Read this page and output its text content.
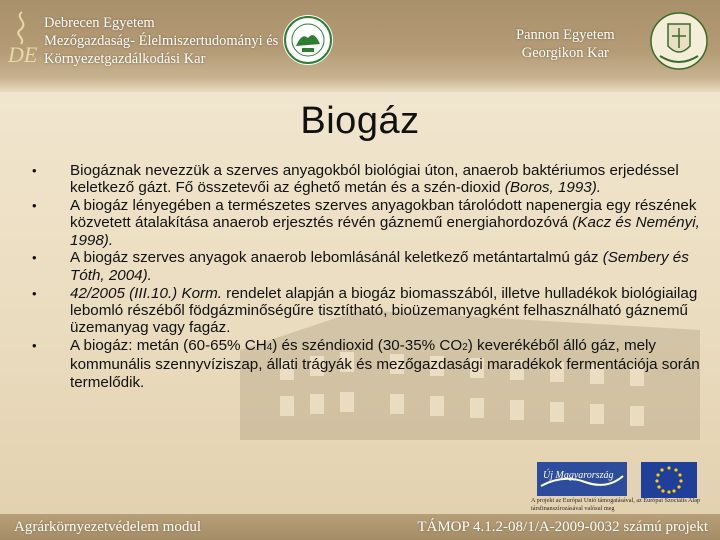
DE
Debrecen Egyetem
Mezőgazdaság- Élelmiszertudományi és
Környezetgazdálkodási Kar
Pannon Egyetem
Georgikon Kar
Biogáz
• Biogáznak nevezzük a szerves anyagokból biológiai úton, anaerob baktériumos erjedéssel keletkező gázt. Fő összetevői az éghető metán és a szén-dioxid (Boros, 1993).
• A biogáz lényegében a természetes szerves anyagokban tárolódott napenergia egy részének közvetett átalakítása anaerob erjesztés révén gáznemű energiahordozóvá (Kacz és Neményi, 1998).
• A biogáz szerves anyagok anaerob lebomlásánál keletkező metántartalmú gáz (Sembery és Tóth, 2004).
• 42/2005 (III.10.) Korm. rendelet alapján a biogáz biomasszából, illetve hulladékok biológiailag lebomló részéből födgázminőségűre tisztítható, bioüzemanyagként felhasználható gáznemű üzemanyag vagy fagáz.
• A biogáz: metán (60-65% CH4) és széndioxid (30-35% CO2) keverékéből álló gáz, mely kommunális szennyvíziszap, állati trágyák és mezőgazdasági maradékok fermentációja során termelődik.
Új Magyarország
A projekt az Európai Unió támogatásával, az Európai Szociális Alap társfinanszírozásával valósul meg
Agrárkörnyezetvédelem modul	TÁMOP 4.1.2-08/1/A-2009-0032 számú projekt
